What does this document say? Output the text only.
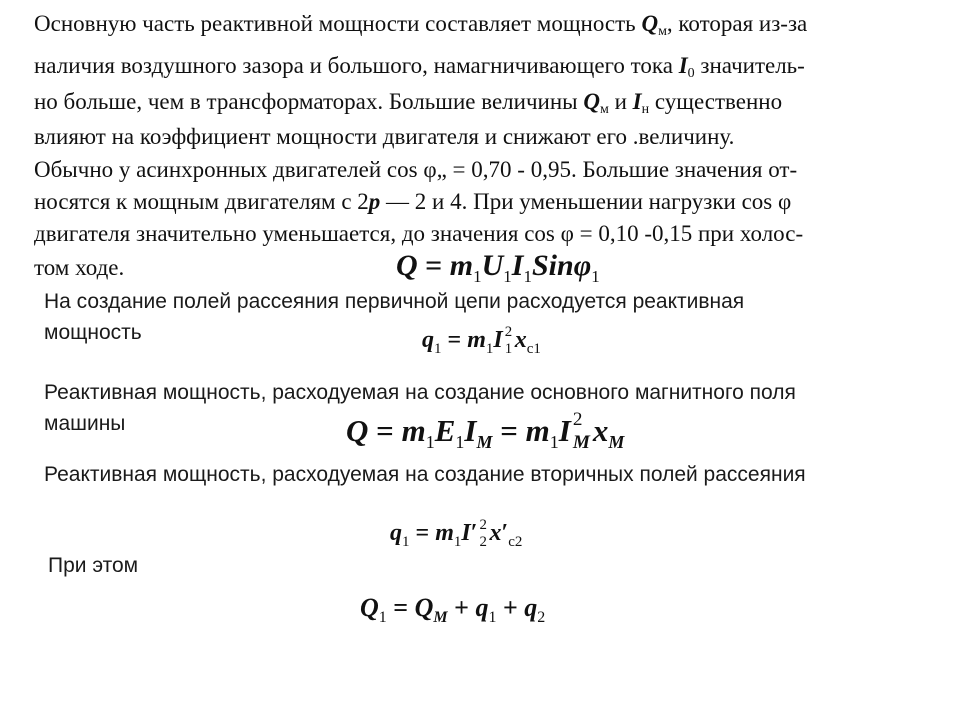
Основную часть реактивной мощности составляет мощность $Q_м$, которая из-за
наличия воздушного зазора и большого, намагничивающего тока $I_0$ значитель-
но больше, чем в трансформаторах. Большие величины $Q_м$ и $I_н$ существенно
влияют на коэффициент мощности двигателя и снижают его .величину.
Обычно у асинхронных двигателей cos φ„ = 0,70 - 0,95. Большие значения от-
носятся к мощным двигателям с 2р — 2 и 4. При уменьшении нагрузки cos φ
двигателя значительно уменьшается, до значения cos φ = 0,10 -0,15 при холос-
том ходе.	$Q = m_1U_1I_1Sin\varphi_1$
На создание полей рассеяния первичной цепи расходуется реактивная
мощность	$q_1 = m_1I$ 2
1 $x_{c1}$
Реактивная мощность, расходуемая на создание основного магнитного поля
машины	$Q = m_1E_1I_M = m_1I$ 2
M $x_M$
Реактивная мощность, расходуемая на создание вторичных полей рассеяния
$q_1 = m_1I'$ 2
2 $x'_{c2}$
При этом
$Q_1 = Q_M + q_1 + q_2$
